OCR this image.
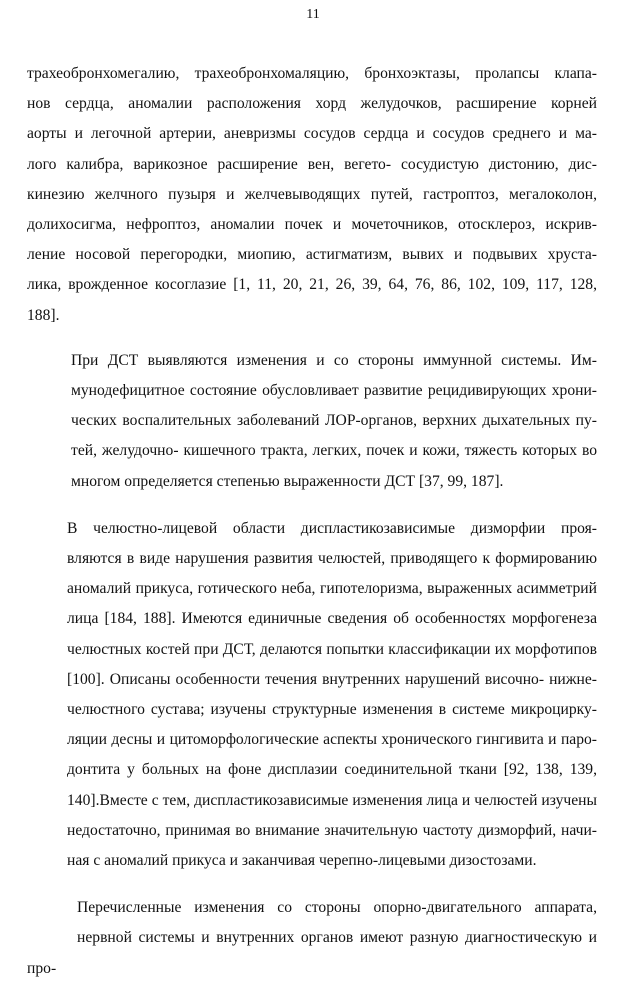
11
трахеобронхомегалию, трахеобронхомаляцию, бронхоэктазы, пролапсы клапа-
нов сердца, аномалии расположения хорд желудочков, расширение корней
аорты и легочной артерии, аневризмы сосудов сердца и сосудов среднего и ма-
лого калибра, варикозное расширение вен, вегето- сосудистую дистонию, дис-
кинезию желчного пузыря и желчевыводящих путей, гастроптоз, мегалоколон,
долихосигма, нефроптоз, аномалии почек и мочеточников, отосклероз, искрив-
ление носовой перегородки, миопию, астигматизм, вывих и подвывих хруста-
лика, врожденное косоглазие [1, 11, 20, 21, 26, 39, 64, 76, 86, 102, 109, 117, 128,
188].
При ДСТ выявляются изменения и со стороны иммунной системы. Им-
мунодефицитное состояние обусловливает развитие рецидивирующих хрони-
ческих воспалительных заболеваний ЛОР-органов, верхних дыхательных пу-
тей, желудочно- кишечного тракта, легких, почек и кожи, тяжесть которых во
многом определяется степенью выраженности ДСТ [37, 99, 187].
В челюстно-лицевой области диспластикозависимые дизморфии проя-
вляются в виде нарушения развития челюстей, приводящего к формированию
аномалий прикуса, готического неба, гипотелоризма, выраженных асимметрий
лица [184, 188]. Имеются единичные сведения об особенностях морфогенеза
челюстных костей при ДСТ, делаются попытки классификации их морфотипов
[100]. Описаны особенности течения внутренних нарушений височно- нижне-
челюстного сустава; изучены структурные изменения в системе микроцирку-
ляции десны и цитоморфологические аспекты хронического гингивита и паро-
донтита у больных на фоне дисплазии соединительной ткани [92, 138, 139,
140].Вместе с тем, диспластикозависимые изменения лица и челюстей изучены
недостаточно, принимая во внимание значительную частоту дизморфий, начи-
ная с аномалий прикуса и заканчивая черепно-лицевыми дизостозами.
Перечисленные изменения со стороны опорно-двигательного аппарата,
нервной системы и внутренних органов имеют разную диагностическую и про-
